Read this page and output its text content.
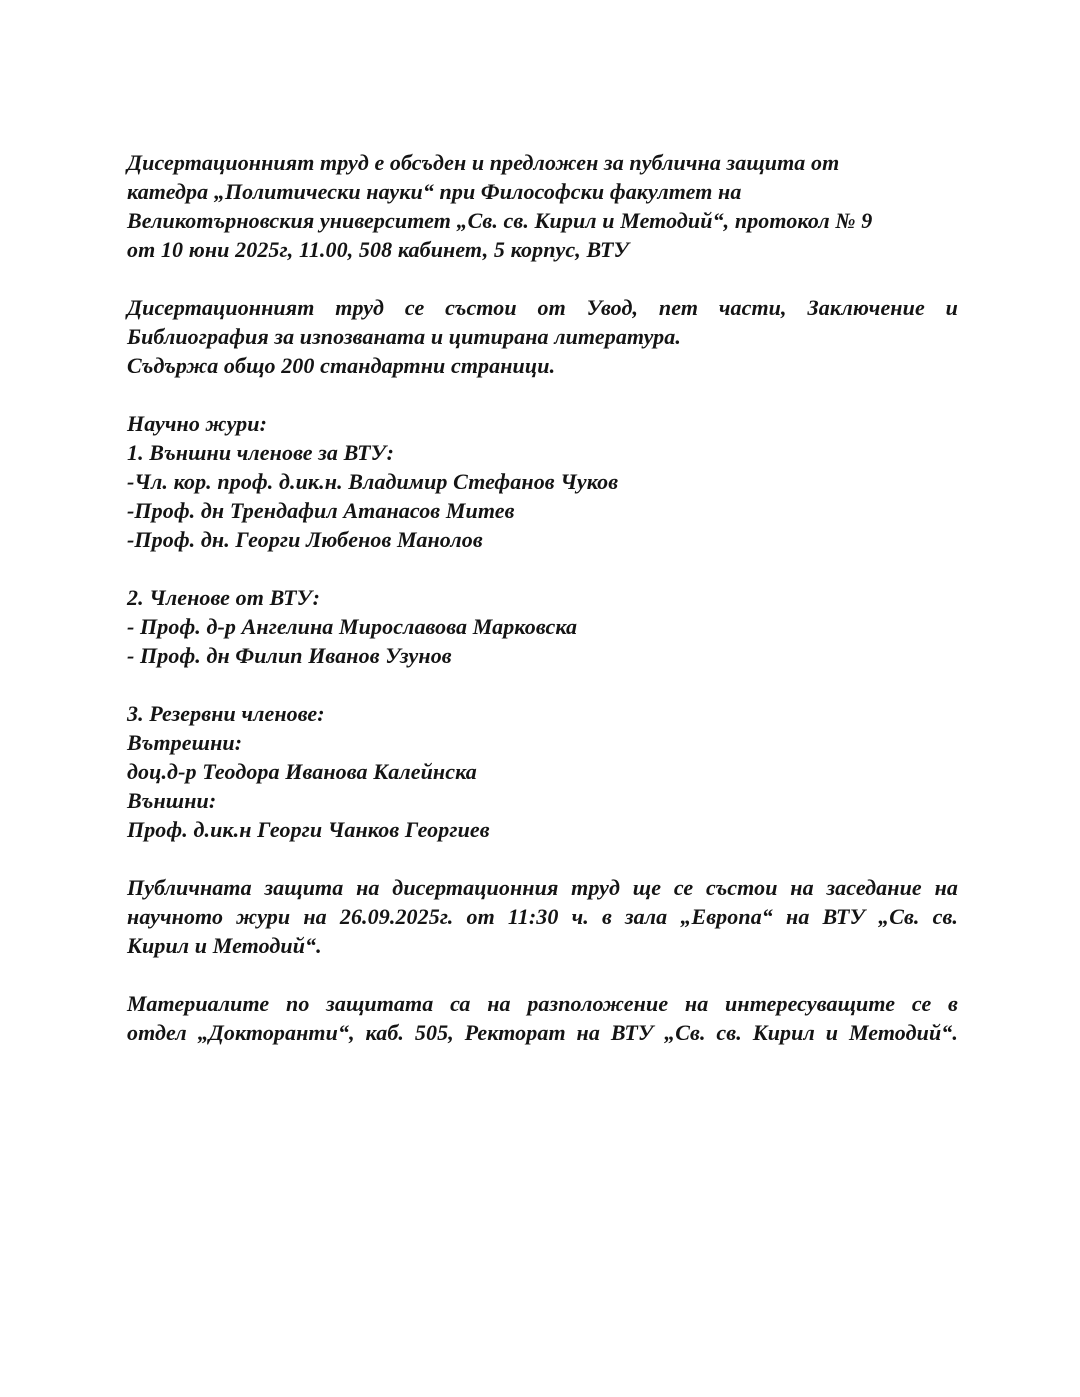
Дисертационният труд е обсъден и предложен за публична защита от
катедра „Политически науки“ при Философски факултет на
Великотърновския университет „Св. св. Кирил и Методий“, протокол № 9
от 10 юни 2025г, 11.00, 508 кабинет, 5 корпус, ВТУ
Дисертационният труд се състои от Увод, пет части, Заключение и
Библиография за изпозваната и цитирана литература.
Съдържа общо 200 стандартни страници.
Научно жури:
1. Външни членове за ВТУ:
-Чл. кор. проф. д.ик.н. Владимир Стефанов Чуков
-Проф. дн Трендафил Атанасов Митев
-Проф. дн. Георги Любенов Манолов
2. Членове от ВТУ:
- Проф. д-р Ангелина Мирославова Марковска
- Проф. дн Филип Иванов Узунов
3. Резервни членове:
Вътрешни:
доц.д-р Теодора Иванова Калейнска
Външни:
Проф. д.ик.н Георги Чанков Георгиев
Публичната защита на дисертационния труд ще се състои на заседание на
научното жури на 26.09.2025г. от 11:30 ч. в зала „Европа“ на ВТУ „Св. св.
Кирил и Методий“.
Материалите по защитата са на разположение на интересуващите се в
отдел „Докторанти“, каб. 505, Ректорат на ВТУ „Св. св. Кирил и Методий“.
